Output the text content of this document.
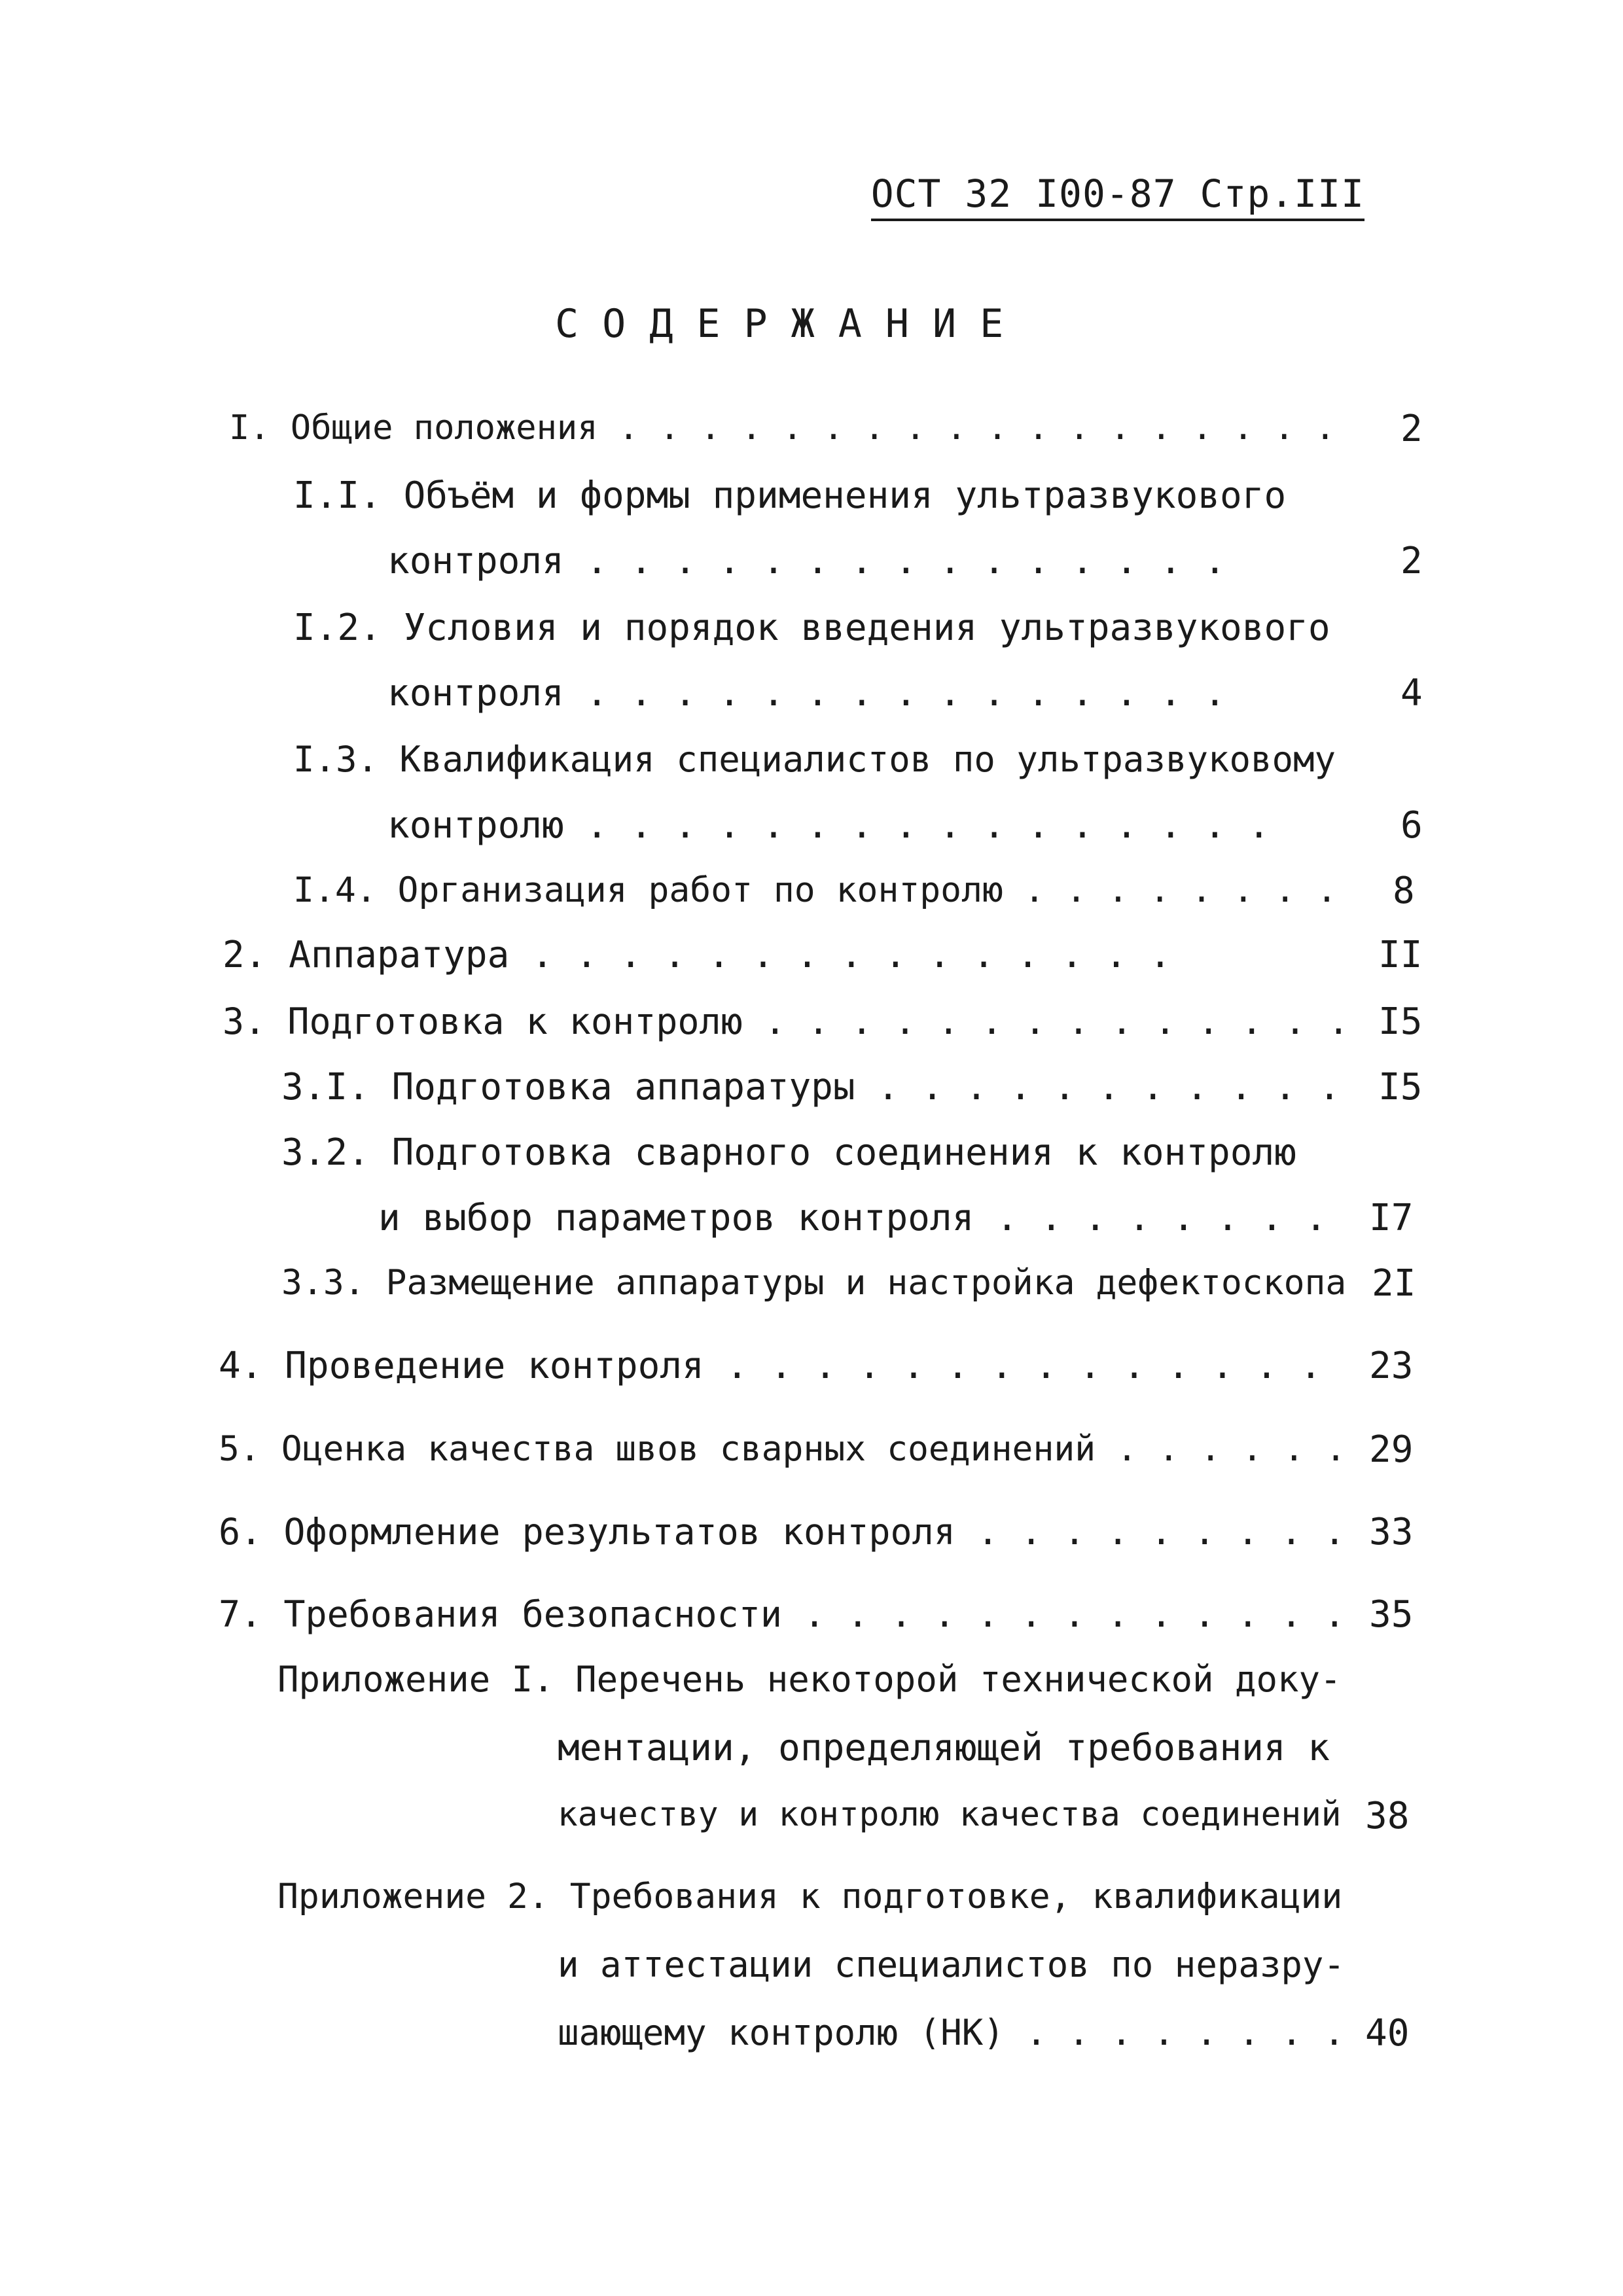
ОСТ 32 I00-87 Стр.III
СОДЕРЖАНИЕ
I. Общие положения . . . . . . . . . . . . . . . . . . 2
I.I. Объём и формы применения ультразвукового
контроля . . . . . . . . . . . . . . .	2
I.2. Условия и порядок введения ультразвукового
контроля . . . . . . . . . . . . . . .	4
I.3. Квалификация специалистов по ультразвуковому
контролю . . . . . . . . . . . . . . . .	6
I.4. Организация работ по контролю . . . . . . . . 8
2. Аппаратура . . . . . . . . . . . . . . .	II
3. Подготовка к контролю . . . . . . . . . . . . . . I5
3.I. Подготовка аппаратуры . . . . . . . . . . . I5
3.2. Подготовка сварного соединения к контролю
и выбор параметров контроля . . . . . . . . I7
3.3. Размещение аппаратуры и настройка дефектоскопа 2I
4. Проведение контроля . . . . . . . . . . . . . . 23
5. Оценка качества швов сварных соединений . . . . . . 29
6. Оформление результатов контроля . . . . . . . . . 33
7. Требования безопасности . . . . . . . . . . . . . 35
Приложение I. Перечень некоторой технической доку-
ментации, определяющей требования к
качеству и контролю качества соединений 38
Приложение 2. Требования к подготовке, квалификации
и аттестации специалистов по неразру-
шающему контролю (НК) . . . . . . . . 40
